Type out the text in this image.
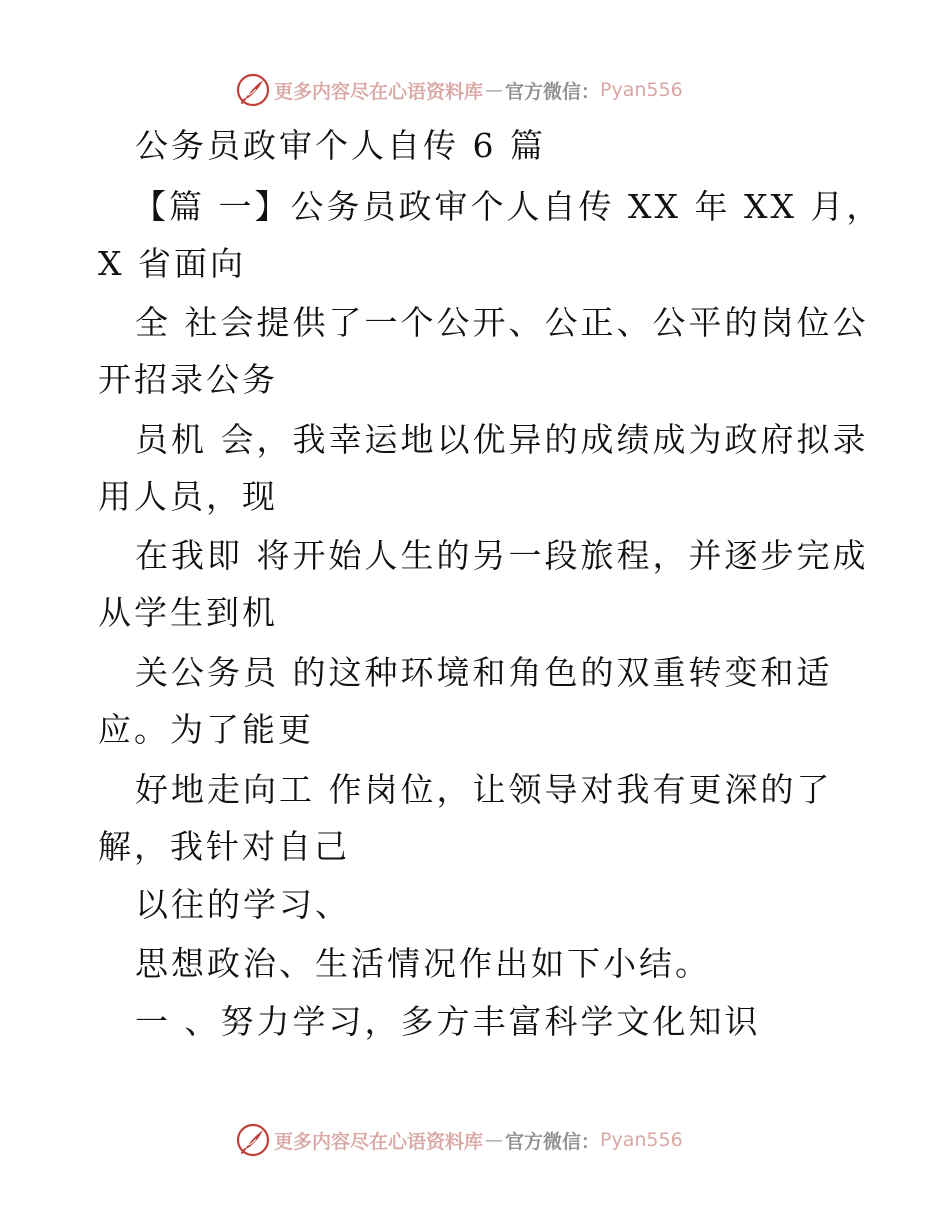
更多内容尽在心语资料库 — 官方微信： Pyan556
公务员政审个人自传 6 篇
【篇 一】公务员政审个人自传 XX 年 XX 月，
X 省面向
全 社会提供了一个公开、公正、公平的岗位公
开招录公务
员机 会，我幸运地以优异的成绩成为政府拟录
用人员，现
在我即 将开始人生的另一段旅程，并逐步完成
从学生到机
关公务员 的这种环境和角色的双重转变和适
应。为了能更
好地走向工 作岗位，让领导对我有更深的了
解，我针对自己
以往的学习、
思想政治、生活情况作出如下小结。
一 、努力学习，多方丰富科学文化知识
更多内容尽在心语资料库 — 官方微信： Pyan556
